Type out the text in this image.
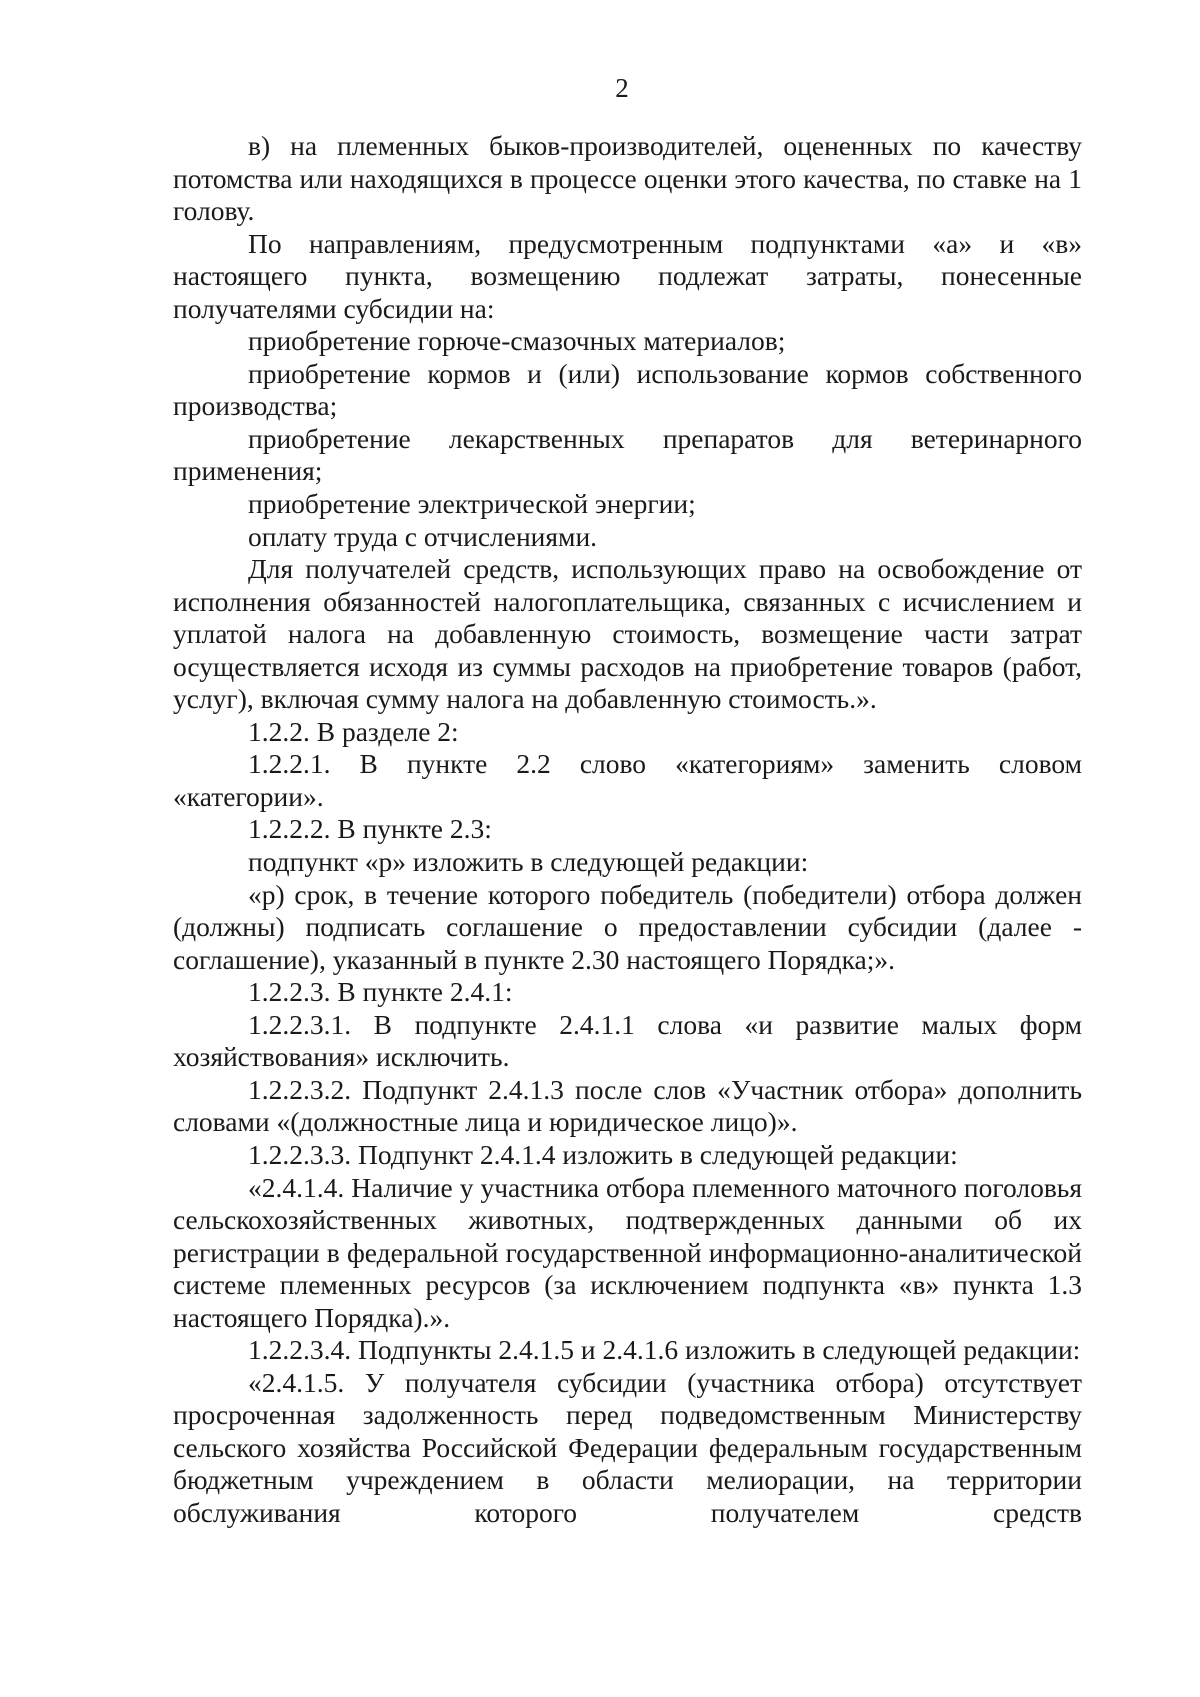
2

в) на племенных быков-производителей, оцененных по качеству потомства или находящихся в процессе оценки этого качества, по ставке на 1 голову.

По направлениям, предусмотренным подпунктами «а» и «в» настоящего пункта, возмещению подлежат затраты, понесенные получателями субсидии на:

приобретение горюче-смазочных материалов;

приобретение кормов и (или) использование кормов собственного производства;

приобретение лекарственных препаратов для ветеринарного применения;

приобретение электрической энергии;

оплату труда с отчислениями.

Для получателей средств, использующих право на освобождение от исполнения обязанностей налогоплательщика, связанных с исчислением и уплатой налога на добавленную стоимость, возмещение части затрат осуществляется исходя из суммы расходов на приобретение товаров (работ, услуг), включая сумму налога на добавленную стоимость.».

1.2.2. В разделе 2:

1.2.2.1. В пункте 2.2 слово «категориям» заменить словом «категории».

1.2.2.2. В пункте 2.3:

подпункт «р» изложить в следующей редакции:

«р) срок, в течение которого победитель (победители) отбора должен (должны) подписать соглашение о предоставлении субсидии (далее - соглашение), указанный в пункте 2.30 настоящего Порядка;».

1.2.2.3. В пункте 2.4.1:

1.2.2.3.1. В подпункте 2.4.1.1 слова «и развитие малых форм хозяйствования» исключить.

1.2.2.3.2. Подпункт 2.4.1.3 после слов «Участник отбора» дополнить словами «(должностные лица и юридическое лицо)».

1.2.2.3.3. Подпункт 2.4.1.4 изложить в следующей редакции:

«2.4.1.4. Наличие у участника отбора племенного маточного поголовья сельскохозяйственных животных, подтвержденных данными об их регистрации в федеральной государственной информационно-аналитической системе племенных ресурсов (за исключением подпункта «в» пункта 1.3 настоящего Порядка).».

1.2.2.3.4. Подпункты 2.4.1.5 и 2.4.1.6 изложить в следующей редакции:

«2.4.1.5. У получателя субсидии (участника отбора) отсутствует просроченная задолженность перед подведомственным Министерству сельского хозяйства Российской Федерации федеральным государственным бюджетным учреждением в области мелиорации, на территории обслуживания которого получателем средств
